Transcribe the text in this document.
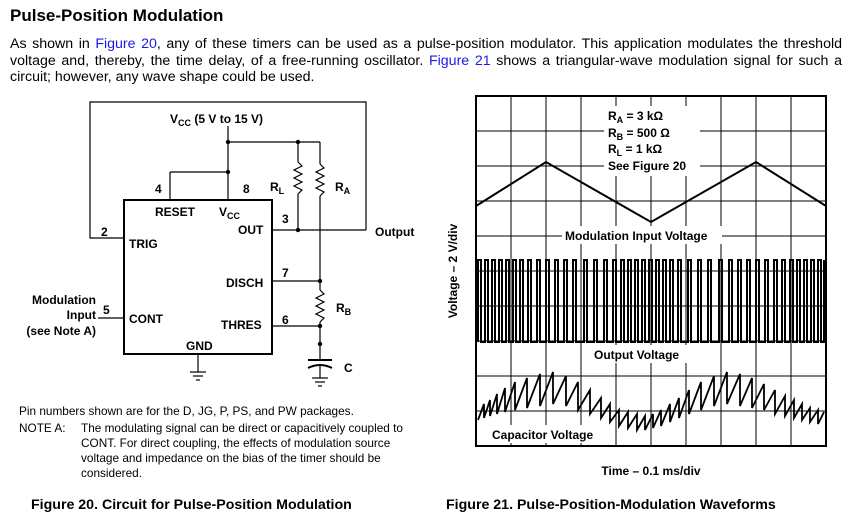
Pulse-Position Modulation

As shown in Figure 20, any of these timers can be used as a pulse-position modulator. This application modulates the threshold voltage and, thereby, the time delay, of a free-running oscillator. Figure 21 shows a triangular-wave modulation signal for such a circuit; however, any wave shape could be used.

$V_{CC}$ (5 V to 15 V)
4	8
2
3
7
5
6
RESET $V_{CC}$
OUT
TRIG
DISCH
CONT	THRES
GND
$R_L$	$R_A$
$R_B$
C
Output
Modulation
Input
(see Note A)

Pin numbers shown are for the D, JG, P, PS, and PW packages.

NOTE A:	The modulating signal can be direct or capacitively coupled to CONT. For direct coupling, the effects of modulation source voltage and impedance on the bias of the timer should be considered.
$R_A = 3$ kΩ
$R_B = 500$ Ω
$R_L = 1$ kΩ
See Figure 20
Modulation Input Voltage
Output Voltage
Capacitor Voltage
Time – 0.1 ms/div
Voltage – 2 V/div

Figure 20. Circuit for Pulse-Position Modulation	Figure 21. Pulse-Position-Modulation Waveforms
